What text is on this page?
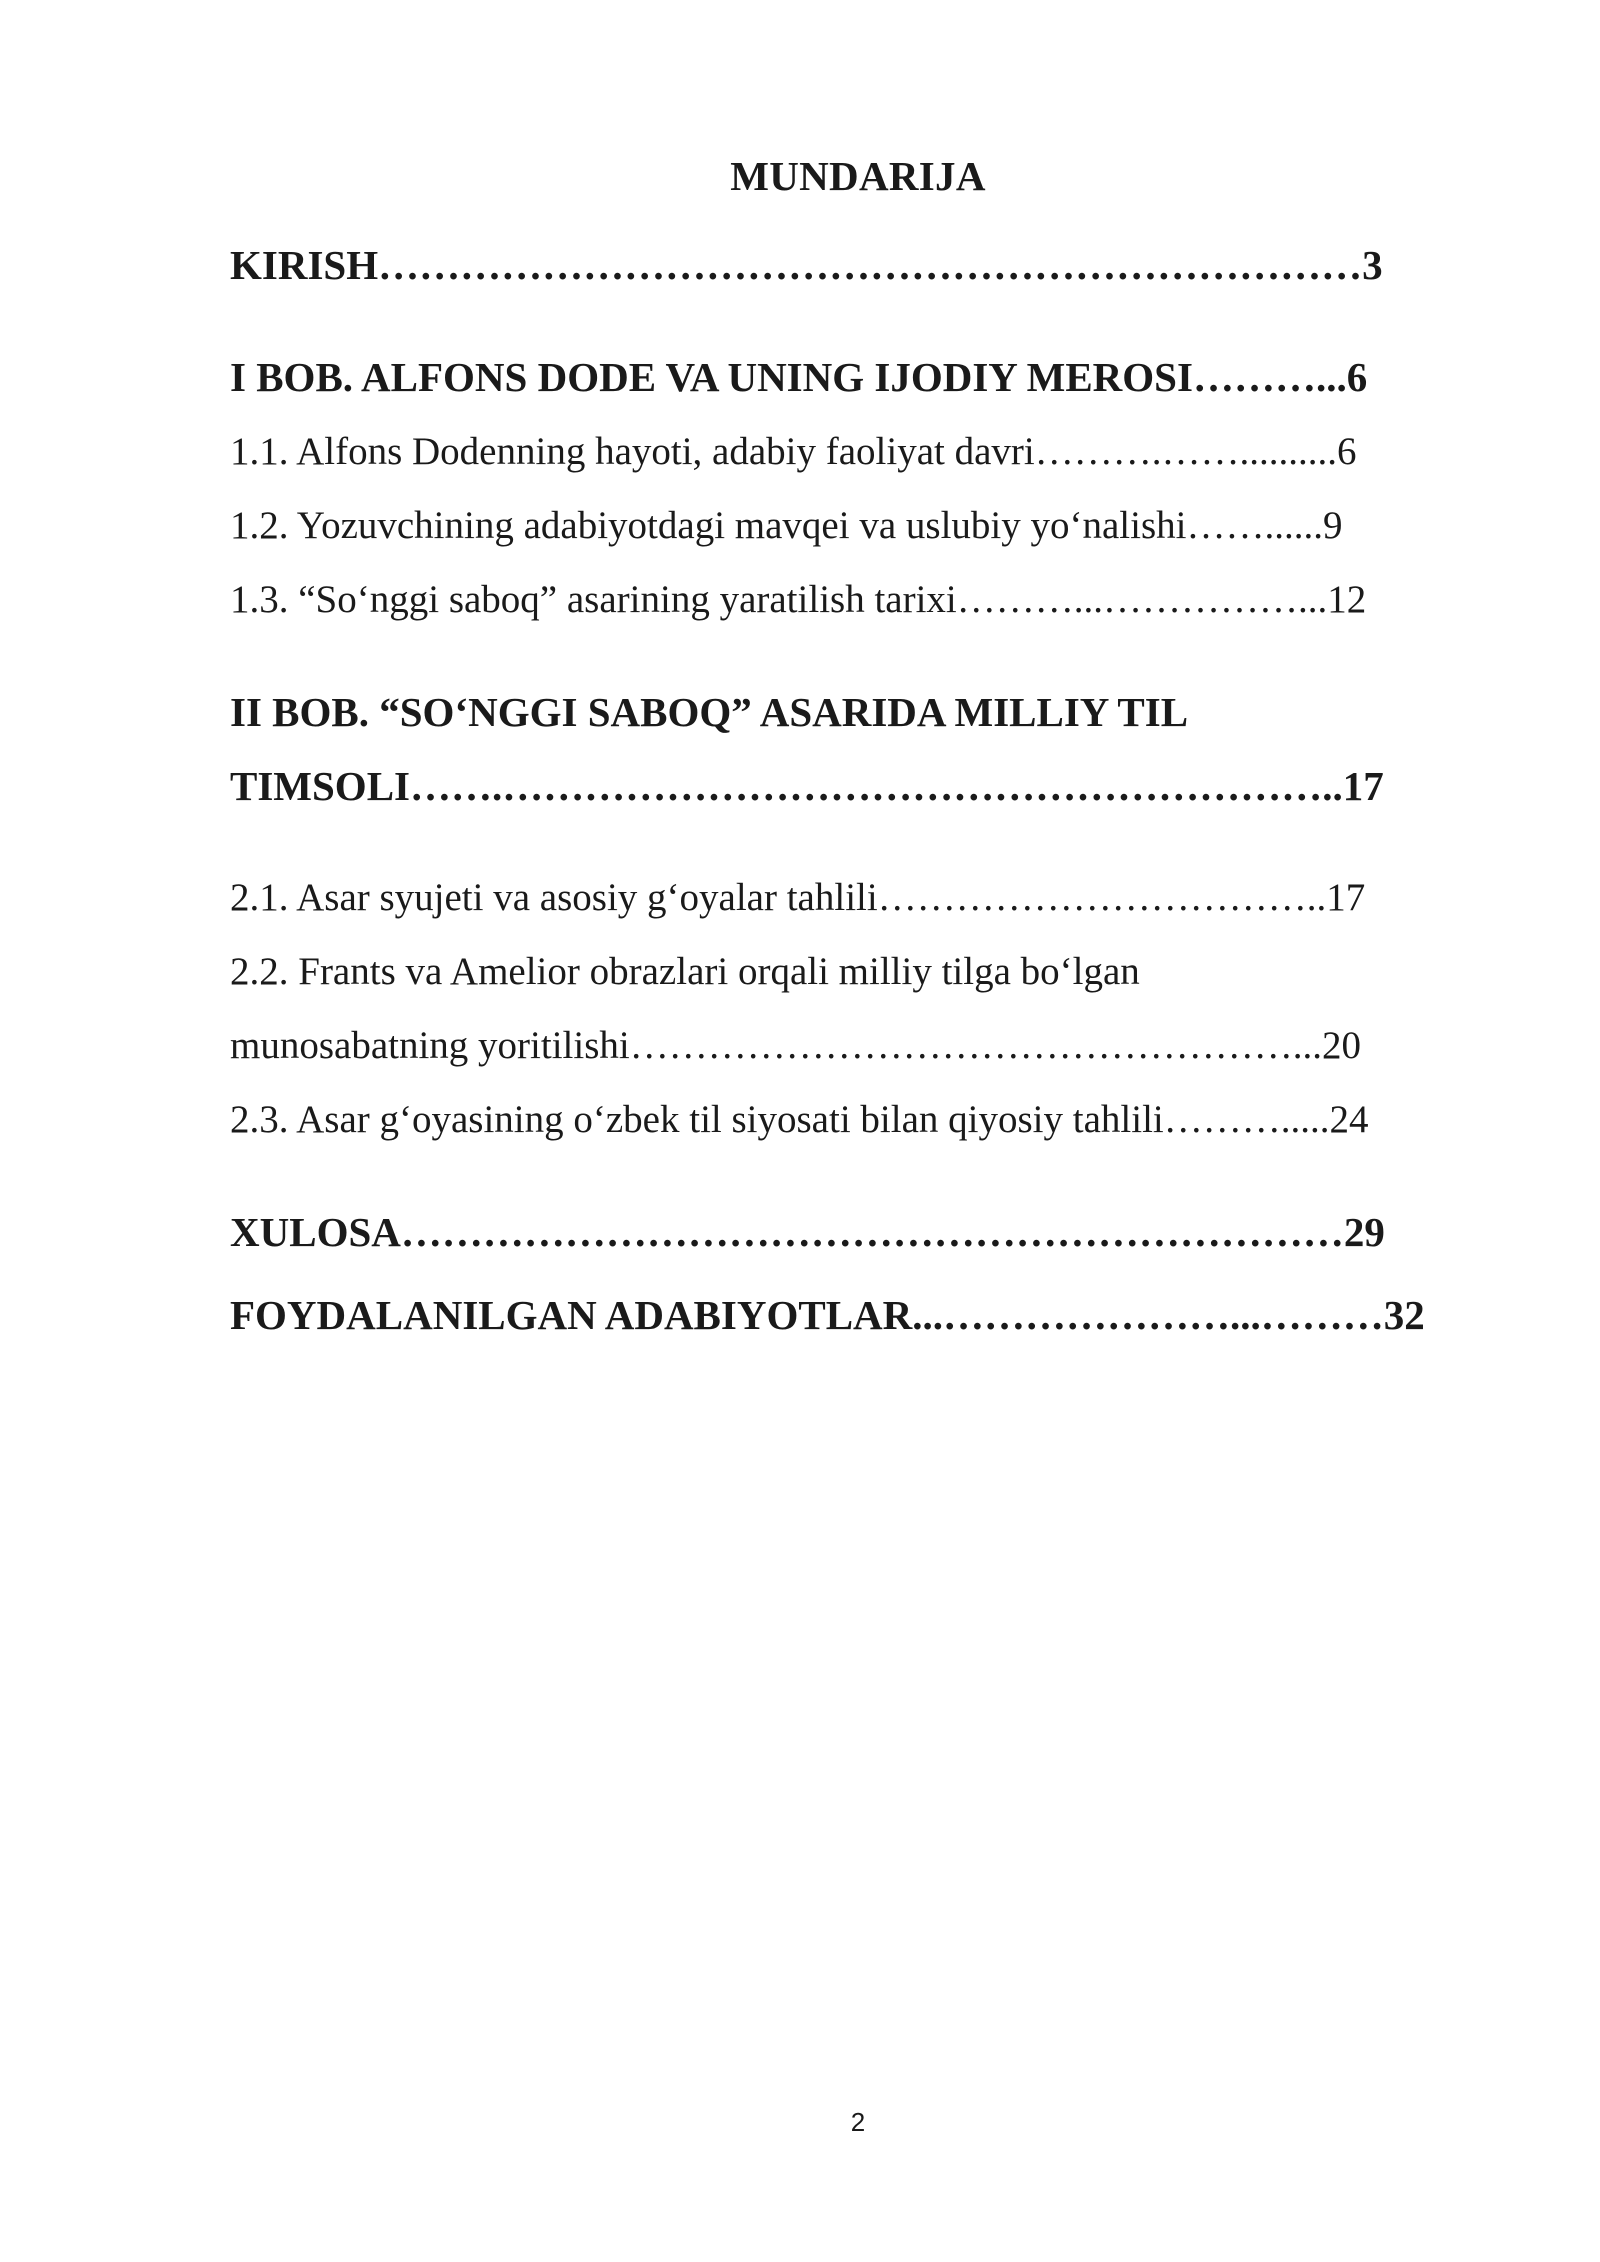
MUNDARIJA
KIRISH………………………………………………………………3
I BOB. ALFONS DODE VA UNING IJODIY MEROSI………...6
1.1. Alfons Dodenning hayoti, adabiy faoliyat davri……….……..........6
1.2. Yozuvchining adabiyotdagi mavqei va uslubiy yo‘nalishi……......9
1.3. “So‘nggi saboq” asarining yaratilish tarixi………...……………...12
II BOB. “SO‘NGGI SABOQ” ASARIDA MILLIY TIL
TIMSOLI…….……………………………………………………..17
2.1. Asar syujeti va asosiy g‘oyalar tahlili……………………………..17
2.2. Frants va Amelior obrazlari orqali milliy tilga bo‘lgan
munosabatning yoritilishi……………………………………………...20
2.3. Asar g‘oyasining o‘zbek til siyosati bilan qiyosiy tahlili……….....24
XULOSA……………………………………………………………29
FOYDALANILGAN ADABIYOTLAR...…………………...………32
2
